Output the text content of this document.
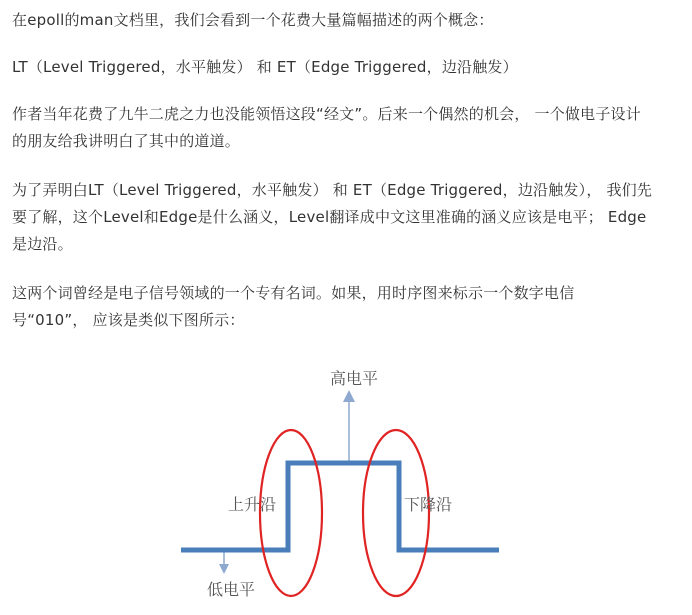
在epoll的man文档里，我们会看到一个花费大量篇幅描述的两个概念：
LT（Level Triggered，水平触发） 和 ET（Edge Triggered，边沿触发）
作者当年花费了九牛二虎之力也没能领悟这段“经文”。后来一个偶然的机会， 一个做电子设计
的朋友给我讲明白了其中的道道。
为了弄明白LT（Level Triggered，水平触发） 和 ET（Edge Triggered，边沿触发）， 我们先
要了解，这个Level和Edge是什么涵义，Level翻译成中文这里准确的涵义应该是电平； Edge
是边沿。
这两个词曾经是电子信号领域的一个专有名词。如果，用时序图来标示一个数字电信
号“010”， 应该是类似下图所示：
高电平
上升沿	下降沿
低电平
